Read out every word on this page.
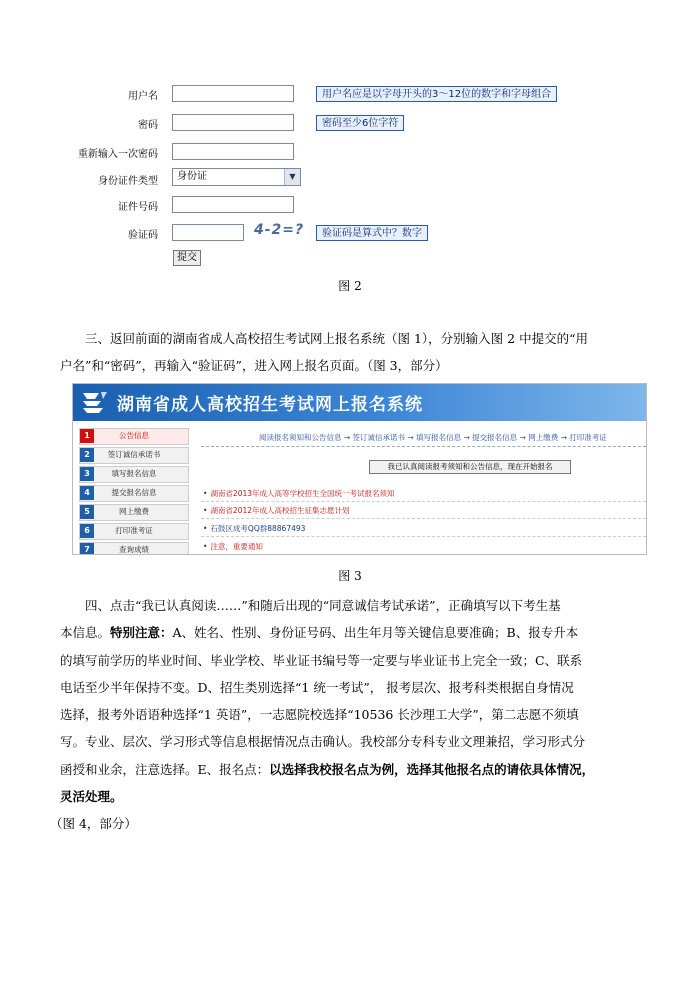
用户名	用户名应是以字母开头的3～12位的数字和字母组合
密码	密码至少6位字符
重新输入一次密码
身份证件类型	身份证	▼
证件号码
验证码	4-2=?	验证码是算式中？数字
提交
图 2
三、返回前面的湖南省成人高校招生考试网上报名系统（图 1），分别输入图 2 中提交的“用
户名”和“密码”，再输入“验证码”，进入网上报名页面。（图 3，部分）
湖南省成人高校招生考试网上报名系统
1	公告信息
2	签订诚信承诺书
3	填写报名信息
4	提交报名信息
5	网上缴费
6	打印准考证
7	查询成绩
阅读报名须知和公告信息 → 签订诚信承诺书 → 填写报名信息 → 提交报名信息 → 网上缴费 → 打印准考证
我已认真阅读报考须知和公告信息，现在开始报名
• 湖南省2013年成人高等学校招生全国统一考试报名须知
• 湖南省2012年成人高校招生征集志愿计划
• 石鼓区成考QQ群88867493
• 注意，重要通知
图 3
四、点击“我已认真阅读……”和随后出现的“同意诚信考试承诺”，正确填写以下考生基
本信息。特别注意：A、姓名、性别、身份证号码、出生年月等关键信息要准确；B、报专升本
的填写前学历的毕业时间、毕业学校、毕业证书编号等一定要与毕业证书上完全一致；C、联系
电话至少半年保持不变。D、招生类别选择“1 统一考试”， 报考层次、报考科类根据自身情况
选择，报考外语语种选择“1 英语”，一志愿院校选择“10536 长沙理工大学”，第二志愿不须填
写。专业、层次、学习形式等信息根据情况点击确认。我校部分专科专业文理兼招，学习形式分
函授和业余，注意选择。E、报名点：以选择我校报名点为例，选择其他报名点的请依具体情况，
灵活处理。
（图 4，部分）
